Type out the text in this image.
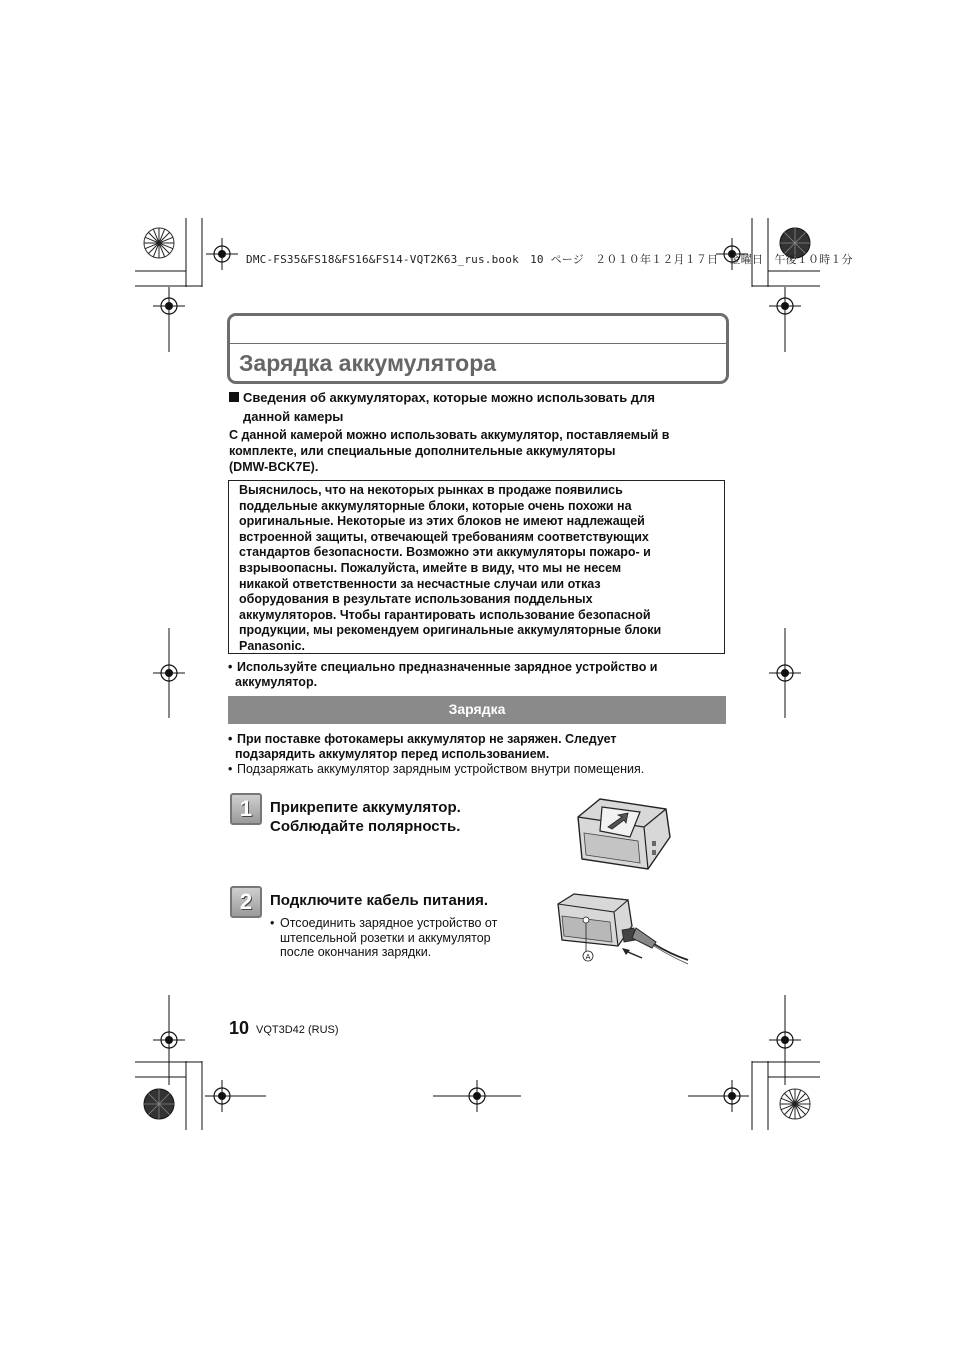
DMC-FS35&FS18&FS16&FS14-VQT2K63_rus.book　10 ページ　２０１０年１２月１７日　金曜日　午後１０時１分
Зарядка аккумулятора
Сведения об аккумуляторах, которые можно использовать для
данной камеры
С данной камерой можно использовать аккумулятор, поставляемый в
комплекте, или специальные дополнительные аккумуляторы
(DMW-BCK7E).
Выяснилось, что на некоторых рынках в продаже появились
поддельные аккумуляторные блоки, которые очень похожи на
оригинальные. Некоторые из этих блоков не имеют надлежащей
встроенной защиты, отвечающей требованиям соответствующих
стандартов безопасности. Возможно эти аккумуляторы пожаро- и
взрывоопасны. Пожалуйста, имейте в виду, что мы не несем
никакой ответственности за несчастные случаи или отказ
оборудования в результате использования поддельных
аккумуляторов. Чтобы гарантировать использование безопасной
продукции, мы рекомендуем оригинальные аккумуляторные блоки
Panasonic.
• Используйте специально предназначенные зарядное устройство и
аккумулятор.
Зарядка
• При поставке фотокамеры аккумулятор не заряжен. Следует
подзарядить аккумулятор перед использованием.
• Подзаряжать аккумулятор зарядным устройством внутри помещения.
1	Прикрепите аккумулятор.
Соблюдайте полярность.
2	Подключите кабель питания.
• Отсоединить зарядное устройство от
штепсельной розетки и аккумулятор
после окончания зарядки.	A
10 VQT3D42 (RUS)
